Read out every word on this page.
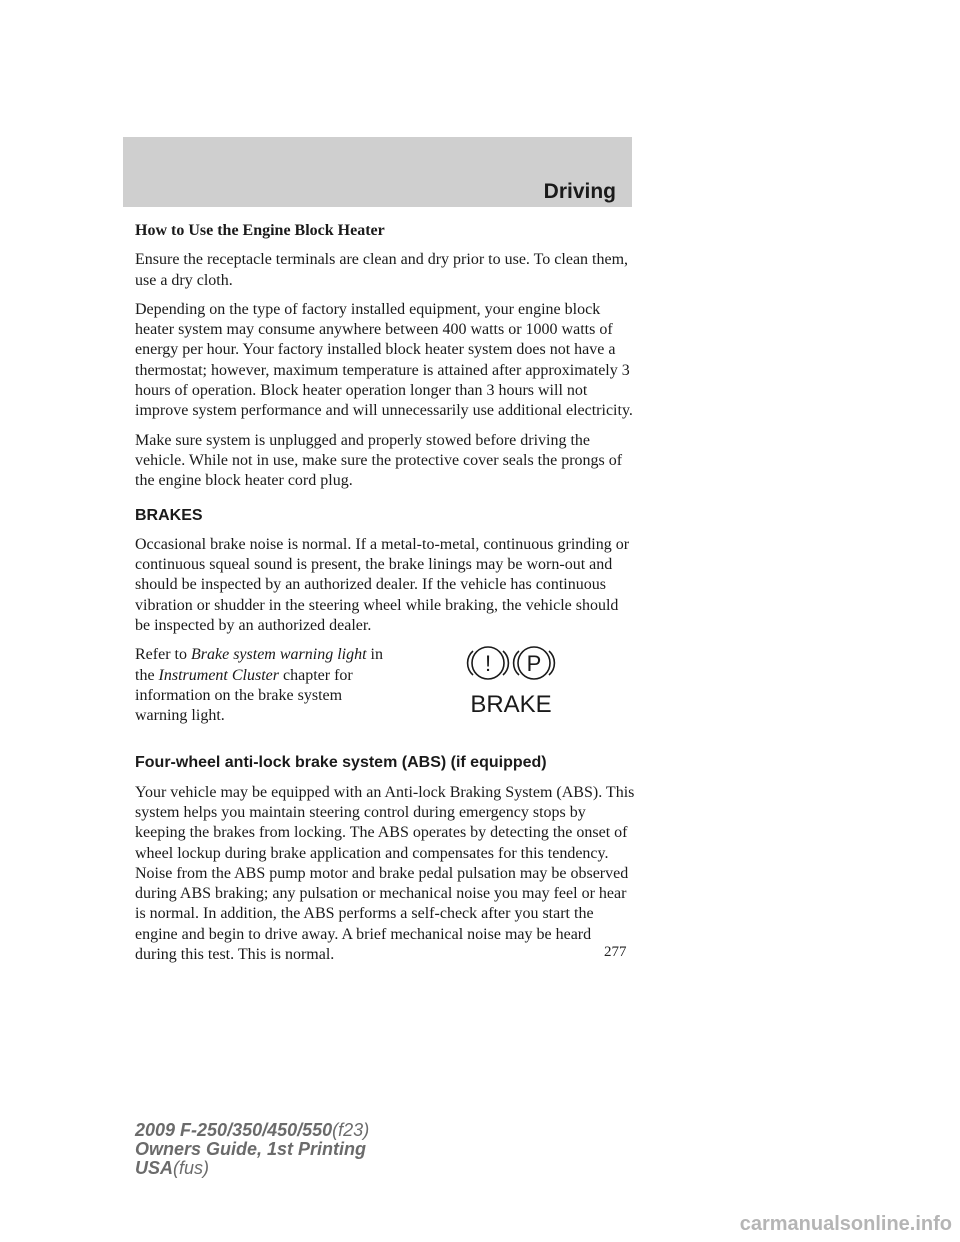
Driving
How to Use the Engine Block Heater

Ensure the receptacle terminals are clean and dry prior to use. To clean them, use a dry cloth.

Depending on the type of factory installed equipment, your engine block heater system may consume anywhere between 400 watts or 1000 watts of energy per hour. Your factory installed block heater system does not have a thermostat; however, maximum temperature is attained after approximately 3 hours of operation. Block heater operation longer than 3 hours will not improve system performance and will unnecessarily use additional electricity.

Make sure system is unplugged and properly stowed before driving the vehicle. While not in use, make sure the protective cover seals the prongs of the engine block heater cord plug.

BRAKES

Occasional brake noise is normal. If a metal-to-metal, continuous grinding or continuous squeal sound is present, the brake linings may be worn-out and should be inspected by an authorized dealer. If the vehicle has continuous vibration or shudder in the steering wheel while braking, the vehicle should be inspected by an authorized dealer.

Refer to Brake system warning light in the Instrument Cluster chapter for information on the brake system warning light.
! P
BRAKE
Four-wheel anti-lock brake system (ABS) (if equipped)

Your vehicle may be equipped with an Anti-lock Braking System (ABS). This system helps you maintain steering control during emergency stops by keeping the brakes from locking. The ABS operates by detecting the onset of wheel lockup during brake application and compensates for this tendency. Noise from the ABS pump motor and brake pedal pulsation may be observed during ABS braking; any pulsation or mechanical noise you may feel or hear is normal. In addition, the ABS performs a self-check after you start the engine and begin to drive away. A brief mechanical noise may be heard during this test. This is normal.	277
2009 F-250/350/450/550(f23)
Owners Guide, 1st Printing
USA(fus)
carmanualsonline.info
